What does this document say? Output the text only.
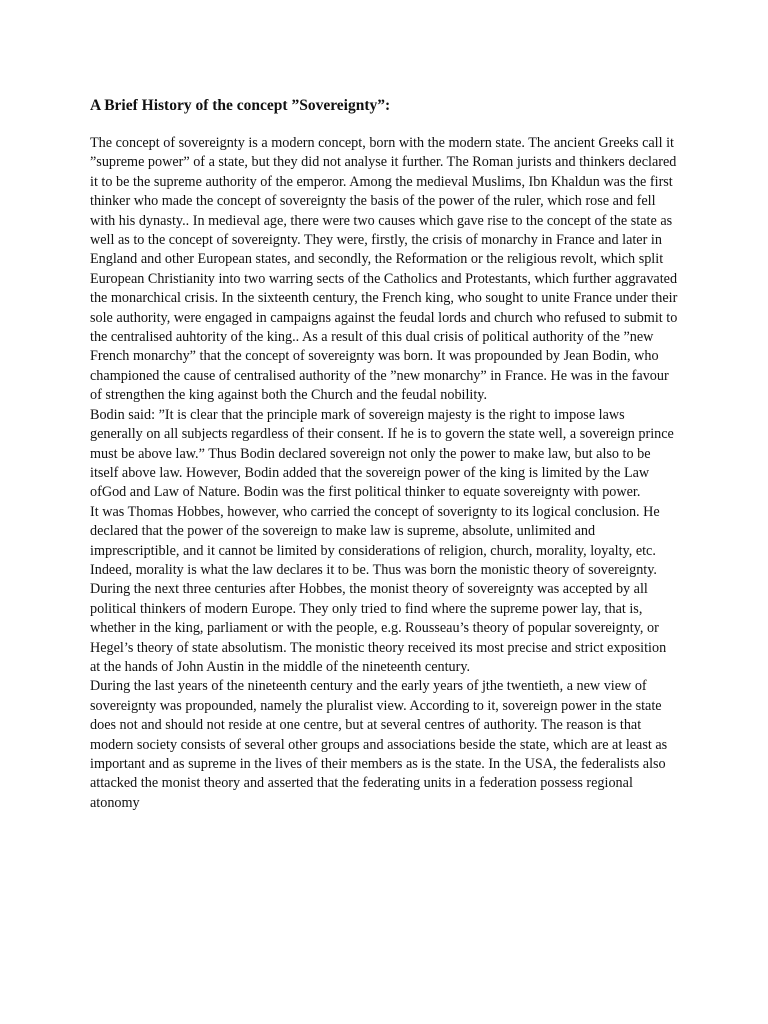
A Brief History of the concept ”Sovereignty”:

The concept of sovereignty is a modern concept, born with the modern state. The ancient Greeks call it ”supreme power” of a state, but they did not analyse it further. The Roman jurists and thinkers declared it to be the supreme authority of the emperor. Among the medieval Muslims, Ibn Khaldun was the first thinker who made the concept of sovereignty the basis of the power of the ruler, which rose and fell with his dynasty.. In medieval age, there were two causes which gave rise to the concept of the state as well as to the concept of sovereignty. They were, firstly, the crisis of monarchy in France and later in England and other European states, and secondly, the Reformation or the religious revolt, which split European Christianity into two warring sects of the Catholics and Protestants, which further aggravated the monarchical crisis. In the sixteenth century, the French king, who sought to unite France under their sole authority, were engaged in campaigns against the feudal lords and church who refused to submit to the centralised auhtority of the king.. As a result of this dual crisis of political authority of the ”new French monarchy” that the concept of sovereignty was born. It was propounded by Jean Bodin, who championed the cause of centralised authority of the ”new monarchy” in France. He was in the favour of strengthen the king against both the Church and the feudal nobility.

Bodin said: ”It is clear that the principle mark of sovereign majesty is the right to impose laws generally on all subjects regardless of their consent. If he is to govern the state well, a sovereign prince must be above law.” Thus Bodin declared sovereign not only the power to make law, but also to be itself above law. However, Bodin added that the sovereign power of the king is limited by the Law ofGod and Law of Nature. Bodin was the first political thinker to equate sovereignty with power.

It was Thomas Hobbes, however, who carried the concept of soverignty to its logical conclusion. He declared that the power of the sovereign to make law is supreme, absolute, unlimited and imprescriptible, and it cannot be limited by considerations of religion, church, morality, loyalty, etc. Indeed, morality is what the law declares it to be. Thus was born the monistic theory of sovereignty.

During the next three centuries after Hobbes, the monist theory of sovereignty was accepted by all political thinkers of modern Europe. They only tried to find where the supreme power lay, that is, whether in the king, parliament or with the people, e.g. Rousseau’s theory of popular sovereignty, or Hegel’s theory of state absolutism. The monistic theory received its most precise and strict exposition at the hands of John Austin in the middle of the nineteenth century.

During the last years of the nineteenth century and the early years of jthe twentieth, a new view of sovereignty was propounded, namely the pluralist view. According to it, sovereign power in the state does not and should not reside at one centre, but at several centres of authority. The reason is that modern society consists of several other groups and associations beside the state, which are at least as important and as supreme in the lives of their members as is the state. In the USA, the federalists also attacked the monist theory and asserted that the federating units in a federation possess regional atonomy
